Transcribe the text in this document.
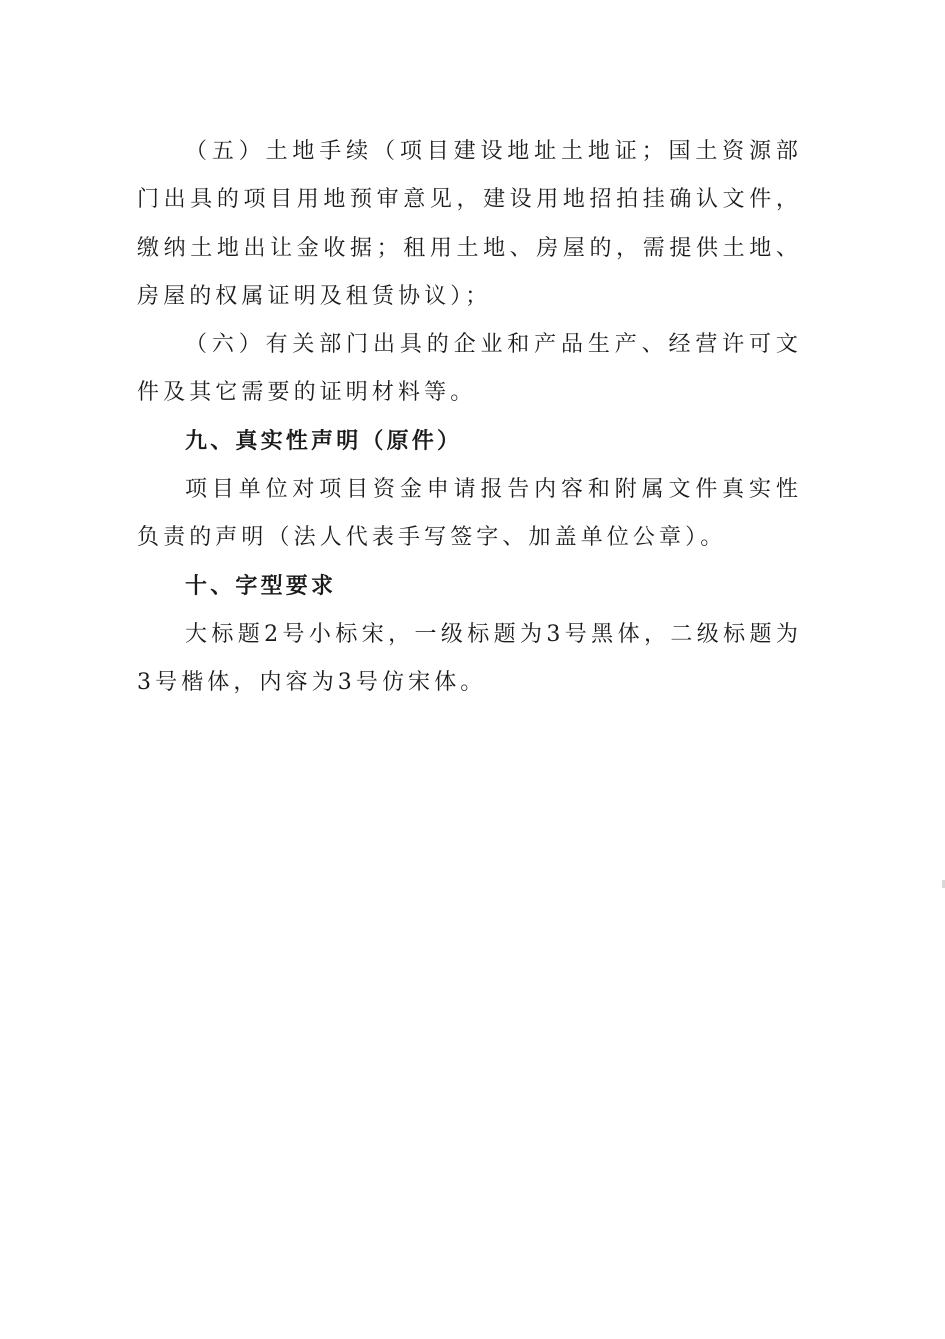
（五）土地手续（项目建设地址土地证；国土资源部门出具的项目用地预审意见，建设用地招拍挂确认文件，缴纳土地出让金收据；租用土地、房屋的，需提供土地、房屋的权属证明及租赁协议）；

（六）有关部门出具的企业和产品生产、经营许可文件及其它需要的证明材料等。

九、真实性声明（原件）

项目单位对项目资金申请报告内容和附属文件真实性负责的声明（法人代表手写签字、加盖单位公章）。

十、字型要求

大标题2号小标宋，一级标题为3号黑体，二级标题为3号楷体，内容为3号仿宋体。
